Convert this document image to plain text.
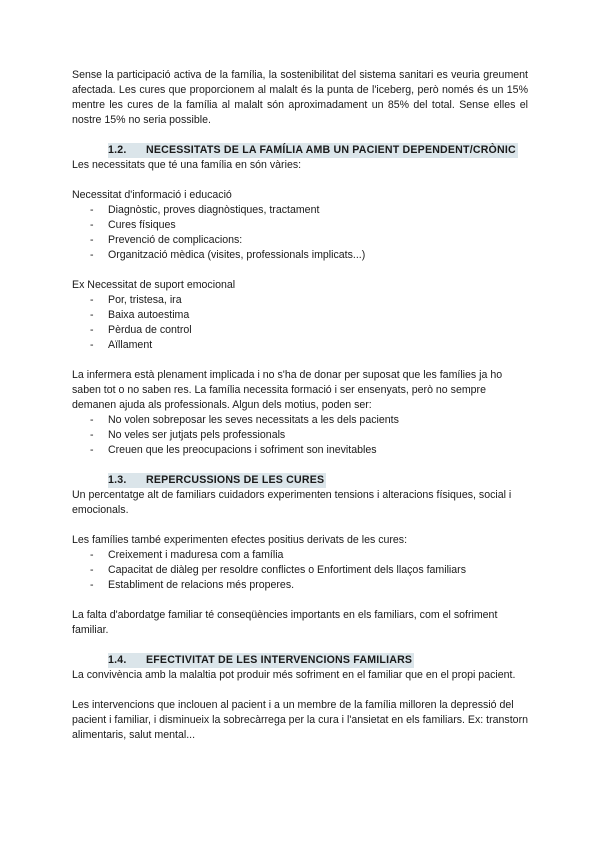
Sense la participació activa de la família, la sostenibilitat del sistema sanitari es veuria greument afectada. Les cures que proporcionem al malalt és la punta de l'iceberg, però només és un 15% mentre les cures de la família al malalt són aproximadament un 85% del total. Sense elles el nostre 15% no seria possible.

1.2. NECESSITATS DE LA FAMÍLIA AMB UN PACIENT DEPENDENT/CRÒNIC

Les necessitats que té una família en són vàries:

Necessitat d'informació i educació

- Diagnòstic, proves diagnòstiques, tractament
- Cures físiques
- Prevenció de complicacions:
- Organització mèdica (visites, professionals implicats...)

Ex Necessitat de suport emocional

- Por, tristesa, ira
- Baixa autoestima
- Pèrdua de control
- Aïllament

La infermera està plenament implicada i no s'ha de donar per suposat que les famílies ja ho saben tot o no saben res. La família necessita formació i ser ensenyats, però no sempre demanen ajuda als professionals. Algun dels motius, poden ser:

- No volen sobreposar les seves necessitats a les dels pacients
- No veles ser jutjats pels professionals
- Creuen que les preocupacions i sofriment son inevitables
1.3. REPERCUSSIONS DE LES CURES

Un percentatge alt de familiars cuidadors experimenten tensions i alteracions físiques, social i emocionals.

Les famílies també experimenten efectes positius derivats de les cures:

- Creixement i maduresa com a família
- Capacitat de diàleg per resoldre conflictes o Enfortiment dels llaços familiars
- Establiment de relacions més properes.

La falta d'abordatge familiar té conseqüències importants en els familiars, com el sofriment familiar.

1.4. EFECTIVITAT DE LES INTERVENCIONS FAMILIARS

La convivència amb la malaltia pot produir més sofriment en el familiar que en el propi pacient.

Les intervencions que inclouen al pacient i a un membre de la família milloren la depressió del pacient i familiar, i disminueix la sobrecàrrega per la cura i l'ansietat en els familiars. Ex: transtorn alimentaris, salut mental...
